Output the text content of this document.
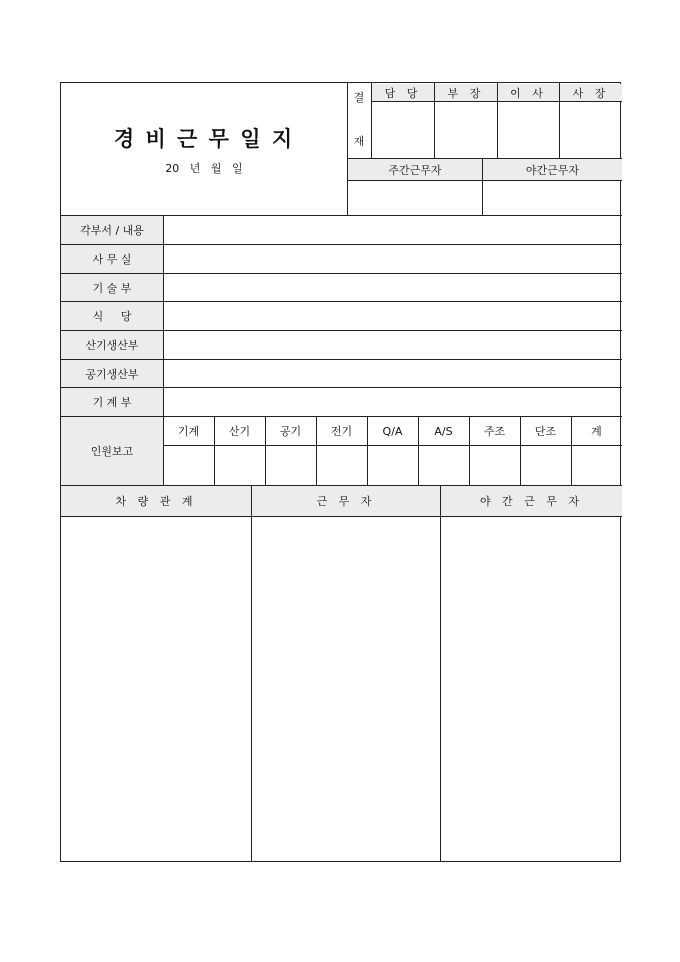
경 비 근 무 일 지
20   년   월   일
결
재
담 당	부 장	이 사	사 장
주간근무자	야간근무자
각부서 / 내용
사 무 실
기 술 부
식     당
산기생산부
공기생산부
기 계 부
인원보고
기계	산기	공기	전기	Q/A	A/S	주조	단조	계
차 량 관 계	근 무 자	야 간 근 무 자
